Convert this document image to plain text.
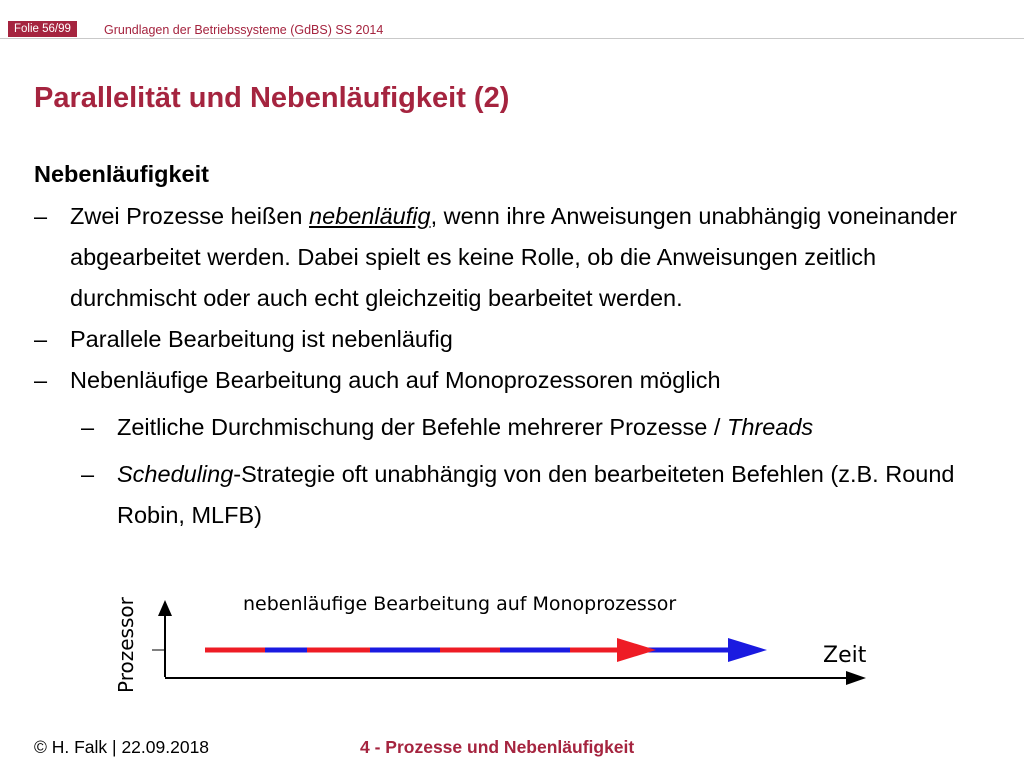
Folie 56/99	Grundlagen der Betriebssysteme (GdBS) SS 2014
Parallelität und Nebenläufigkeit (2)
Nebenläufigkeit
– Zwei Prozesse heißen nebenläufig, wenn ihre Anweisungen unabhängig voneinander abgearbeitet werden. Dabei spielt es keine Rolle, ob die Anweisungen zeitlich durchmischt oder auch echt gleichzeitig bearbeitet werden.
– Parallele Bearbeitung ist nebenläufig
– Nebenläufige Bearbeitung auch auf Monoprozessoren möglich
– Zeitliche Durchmischung der Befehle mehrerer Prozesse / Threads
– Scheduling-Strategie oft unabhängig von den bearbeiteten Befehlen (z.B. Round Robin, MLFB)
nebenläufige Bearbeitung auf Monoprozessor
Prozessor	Zeit
© H. Falk | 22.09.2018	4 - Prozesse und Nebenläufigkeit
